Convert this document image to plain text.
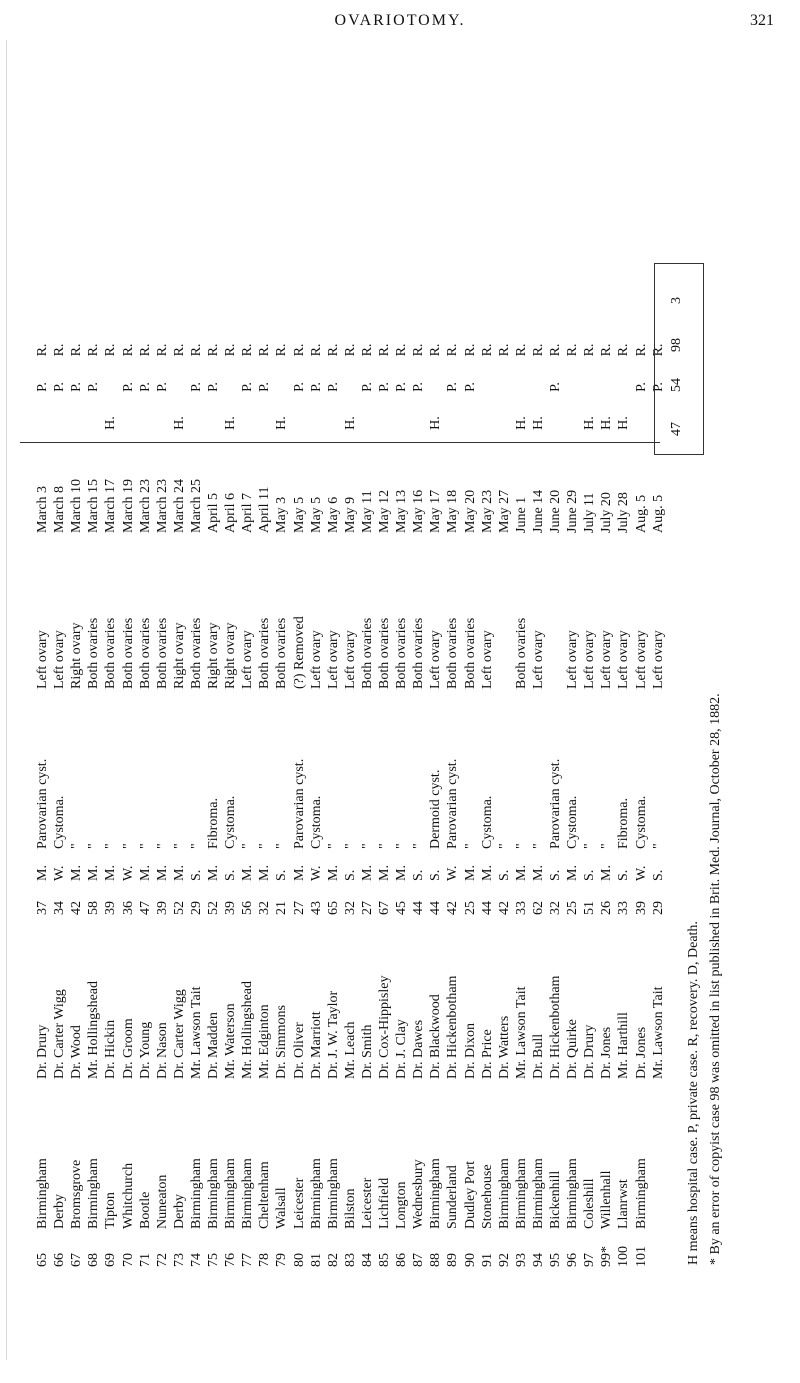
OVARIOTOMY.	321
65
Birmingham
Dr. Drury
37
M.
Parovarian cyst.
Left ovary
March 3
P.
R.
66
Derby
Dr. Carter Wigg
34
W.
Cystoma.
Left ovary
March 8
P.
R.
67
Bromsgrove
Dr. Wood
42
M.
"
Right ovary
March 10
P.
R.
68
Birmingham
Mr. Hollingshead
58
M.
"
Both ovaries
March 15
P.
R.
69
Tipton
Dr. Hickin
39
M.
"
Both ovaries
March 17
H.
R.
70
Whitchurch
Dr. Groom
36
W.
"
Both ovaries
March 19
P.
R.
71
Bootle
Dr. Young
47
M.
"
Both ovaries
March 23
P.
R.
72
Nuneaton
Dr. Nason
39
M.
"
Both ovaries
March 23
P.
R.
73
Derby
Dr. Carter Wigg
52
M.
"
Right ovary
March 24
H.
R.
74
Birmingham
Mr. Lawson Tait
29
S.
"
Both ovaries
March 25
P.
R.
75
Birmingham
Dr. Madden
52
M.
Fibroma.
Right ovary
April 5
P.
R.
76
Birmingham
Mr. Waterson
39
S.
Cystoma.
Right ovary
April 6
H.
R.
77
Birmingham
Mr. Hollingshead
56
M.
"
Left ovary
April 7
P.
R.
78
Cheltenham
Mr. Edginton
32
M.
"
Both ovaries
April 11
P.
R.
79
Walsall
Dr. Simmons
21
S.
"
Both ovaries
May 3
H.
R.
80
Leicester
Dr. Oliver
27
M.
Parovarian cyst.
(?) Removed
May 5
P.
R.
81
Birmingham
Dr. Marriott
43
W.
Cystoma.
Left ovary
May 5
P.
R.
82
Birmingham
Dr. J. W. Taylor
65
M.
"
Left ovary
May 6
P.
R.
83
Bilston
Mr. Leach
32
S.
"
Left ovary
May 9
H.
R.
84
Leicester
Dr. Smith
27
M.
"
Both ovaries
May 11
P.
R.
85
Lichfield
Dr. Cox-Hippisley
67
M.
"
Both ovaries
May 12
P.
R.
86
Longton
Dr. J. Clay
45
M.
"
Both ovaries
May 13
P.
R.
87
Wednesbury
Dr. Dawes
44
S.
"
Both ovaries
May 16
P.
R.
88
Birmingham
Dr. Blackwood
44
S.
Dermoid cyst.
Left ovary
May 17
H.
R.
89
Sunderland
Dr. Hickenbotham
42
W.
Parovarian cyst.
Both ovaries
May 18
P.
R.
90
Dudley Port
Dr. Dixon
25
M.
"
Both ovaries
May 20
P.
R.
91
Stonehouse
Dr. Price
44
M.
Cystoma.
Left ovary
May 23
R.
92
Birmingham
Dr. Watters
42
S.
"
May 27
R.
93
Birmingham
Mr. Lawson Tait
33
M.
"
Both ovaries
June 1
H.
R.
94
Birmingham
Dr. Bull
62
M.
"
Left ovary
June 14
H.
R.
95
Bickenhill
Dr. Hickenbotham
32
S.
Parovarian cyst.
June 20
P.
R.
96
Birmingham
Dr. Quirke
25
M.
Cystoma.
Left ovary
June 29
R.
97
Coleshill
Dr. Drury
51
S.
"
Left ovary
July 11
H.
R.
99*
Willenhall
Dr. Jones
26
M.
"
Left ovary
July 20
H.
R.
100
Llanrwst
Mr. Harthill
33
S.
Fibroma.
Left ovary
July 28
H.
R.
101
Birmingham
Dr. Jones
39
W.
Cystoma.
Left ovary
Aug. 5
P.
R.
Mr. Lawson Tait
29
S.
"
Left ovary
Aug. 5
P.
R.
47
54
98
3
H means hospital case. P, private case. R, recovery. D, Death. * By an error of copyist case 98 was omitted in list published in Brit. Med. Journal, October 28, 1882.
